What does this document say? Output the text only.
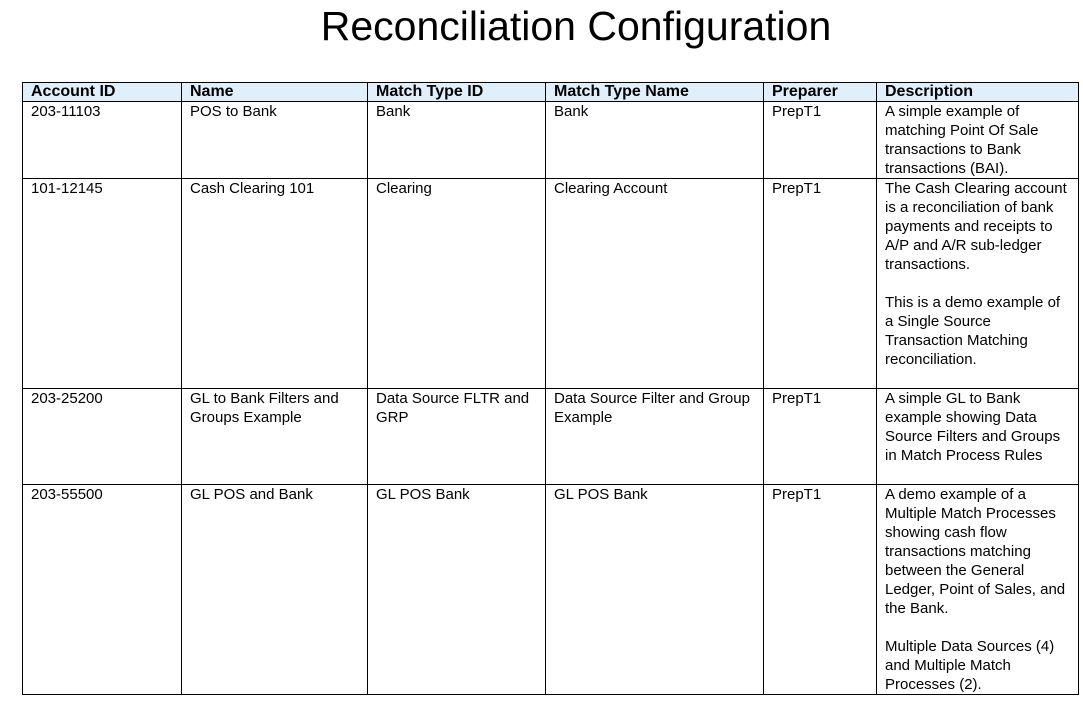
Reconciliation Configuration
Account ID	Name	Match Type ID	Match Type Name	Preparer	Description
203-11103	POS to Bank	Bank	Bank	PrepT1	A simple example of matching Point Of Sale transactions to Bank transactions (BAI).

101-12145	Cash Clearing 101	Clearing	Clearing Account	PrepT1	The Cash Clearing account is a reconciliation of bank payments and receipts to A/P and A/R sub-ledger transactions.
This is a demo example of a Single Source Transaction Matching reconciliation.

203-25200	GL to Bank Filters and Groups Example	Data Source FLTR and GRP	Data Source Filter and Group Example	PrepT1	A simple GL to Bank example showing Data Source Filters and Groups in Match Process Rules

203-55500	GL POS and Bank	GL POS Bank	GL POS Bank	PrepT1	A demo example of a Multiple Match Processes showing cash flow transactions matching between the General Ledger, Point of Sales, and the Bank.
Multiple Data Sources (4) and Multiple Match Processes (2).
